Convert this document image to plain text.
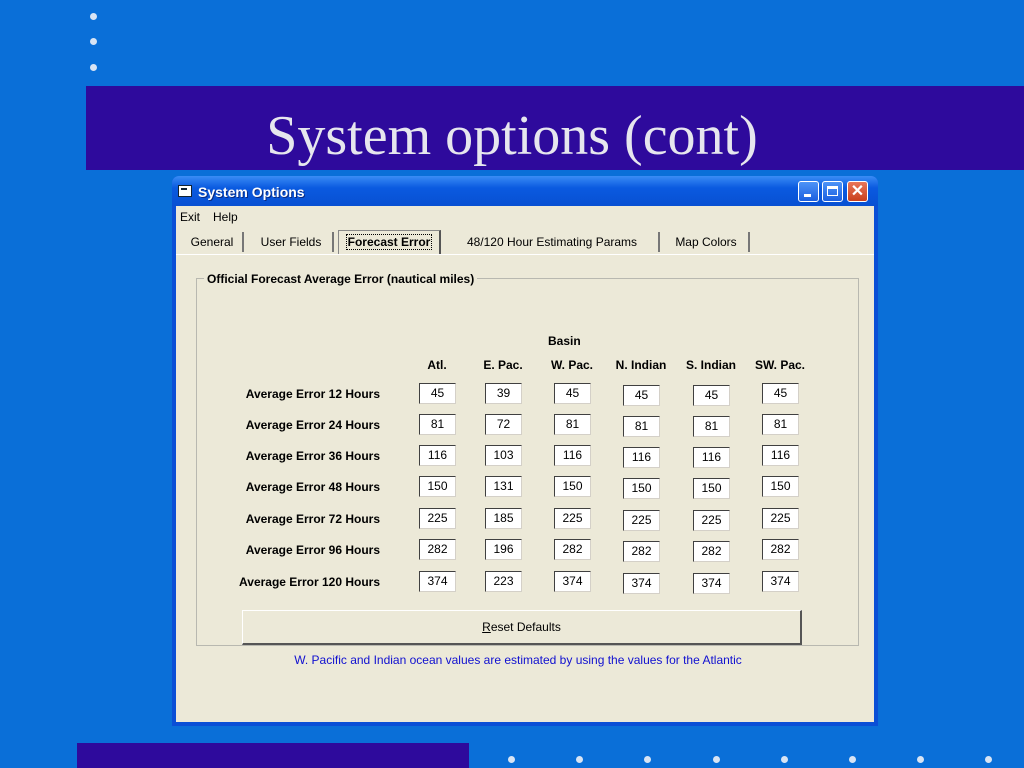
System options (cont)
System Options	✕
Exit Help
General	User Fields	Forecast Error	48/120 Hour Estimating Params	Map Colors
Official Forecast Average Error (nautical miles)
Basin
Atl.	E. Pac.	W. Pac.	N. Indian	S. Indian	SW. Pac.
Average Error 12 Hours	45	39	45	45	45	45
Average Error 24 Hours	81	72	81	81	81	81
Average Error 36 Hours	116	103	116	116	116	116
Average Error 48 Hours	150	131	150	150	150	150
Average Error 72 Hours	225	185	225	225	225	225
Average Error 96 Hours	282	196	282	282	282	282
Average Error 120 Hours	374	223	374	374	374	374
Reset Defaults
W. Pacific and Indian ocean values are estimated by using the values for the Atlantic
